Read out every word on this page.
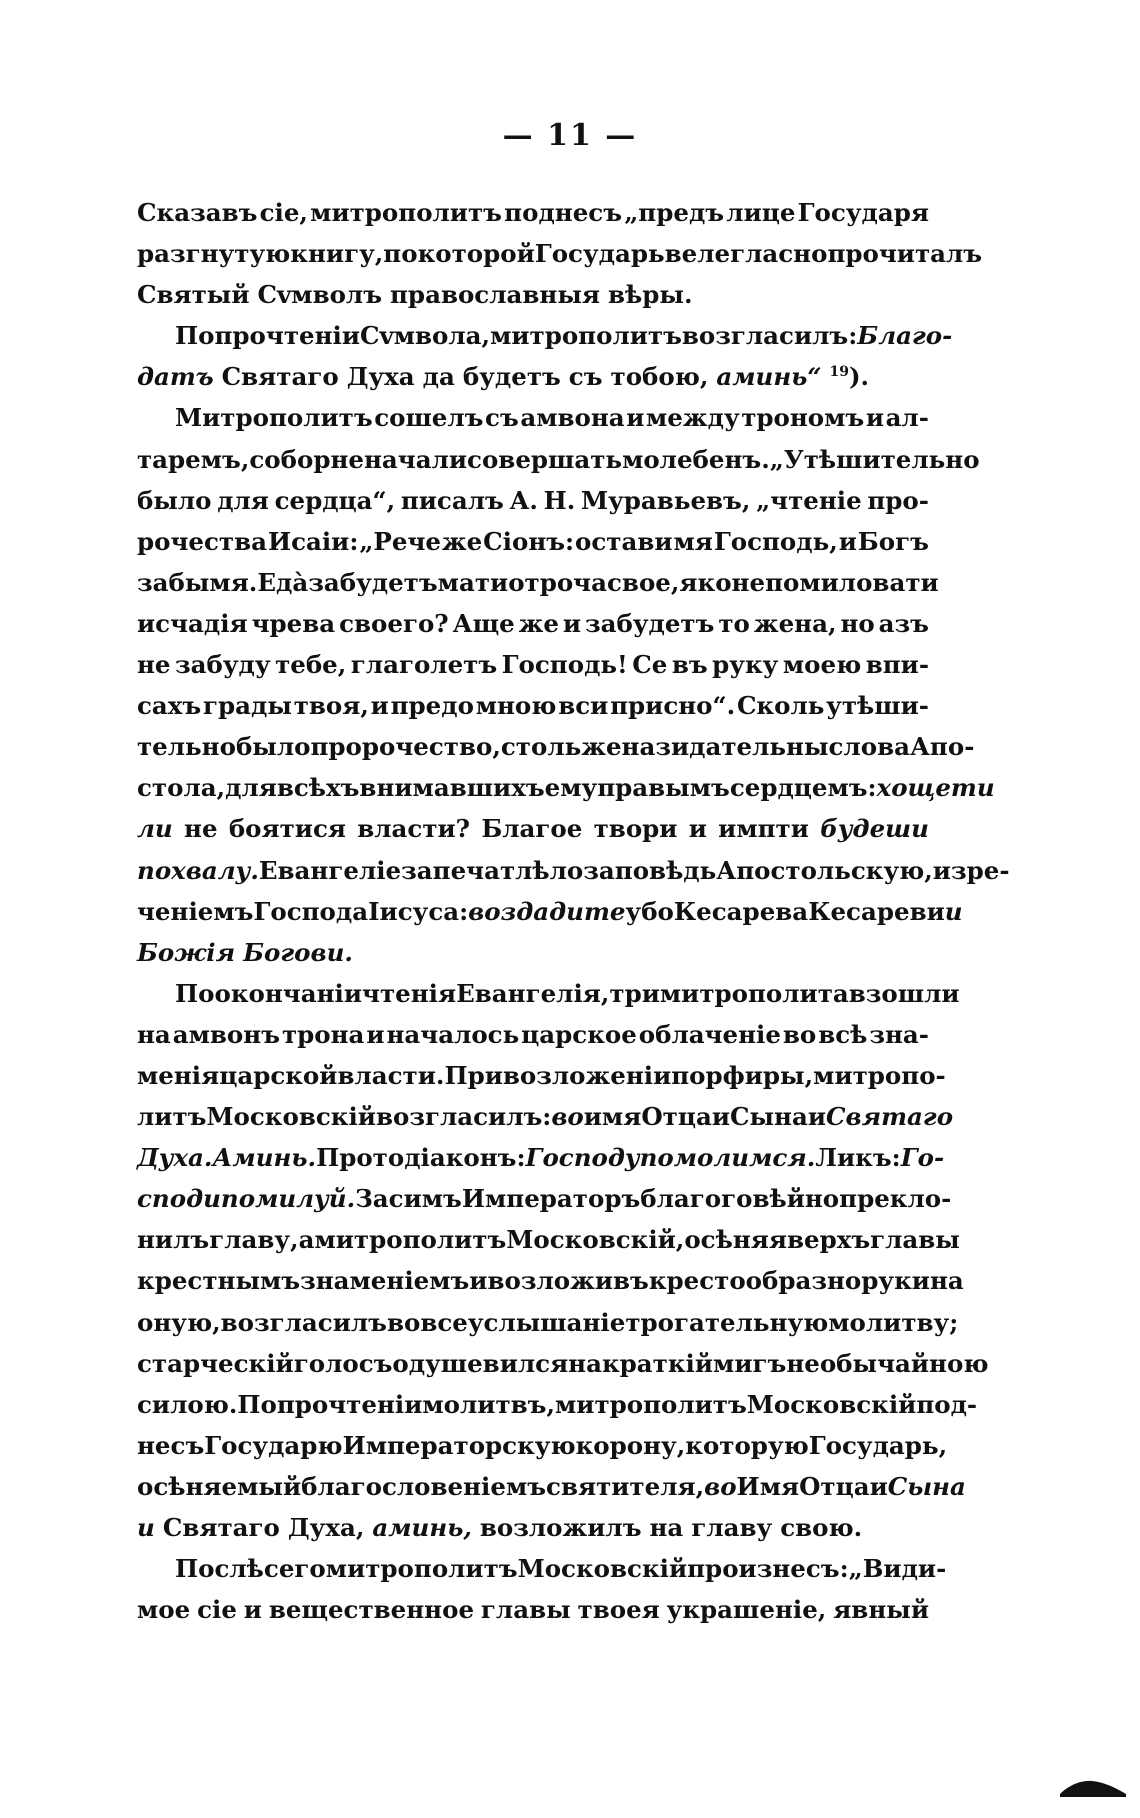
— 11 —
Сказавъ сіе, митрополитъ поднесъ „предъ лице Государя
разгнутую книгу, по которой Государь велегласно прочиталъ
Святый Сvмволъ православныя вѣры.
По прочтеніи Сvмвола, митрополитъ возгласилъ: Благо-
датъ Святаго Духа да будетъ съ тобою, аминь“ $^{19}$).
Митрополитъ сошелъ съ амвона и между трономъ и ал-
таремъ, соборне начали совершать молебенъ. „Утѣшительно
было для сердца“, писалъ А. Н. Муравьевъ, „чтеніе про-
рочества Исаіи: „Рече же Сіонъ: остави мя Господь, и Богъ
забы мя. Едà забудетъ мати отроча свое, яко не помиловати
исчадія чрева своего? Аще же и забудетъ то жена, но азъ
не забуду тебе, глаголетъ Господь! Се въ руку моею впи-
сахъ грады твоя, и предо мною вси присно“. Сколь утѣши-
тельно было пророчество, столь же назидательны слова Апо-
стола, для всѣхъ внимавшихъ ему правымъ сердцемъ: хощети
ли не боятися власти? Благое твори и импти будеши
похвалу. Евангеліе запечатлѣло заповѣдь Апостольскую, изре-
ченіемъ Господа Іисуса: воздадите убо Кесарева Кесареви и
Божія Богови.
По окончаніи чтенія Евангелія, три митрополита взошли
на амвонъ трона и началось царское облаченіе во всѣ зна-
менія царской власти. При возложеніи порфиры, митропо-
литъ Московскій возгласилъ: во имя Отца и Сына и Святаго
Духа. Аминь. Протодіаконъ: Господу помолимся. Ликъ: Го-
споди помилуй. За симъ Императоръ благоговѣйно прекло-
нилъ главу, а митрополитъ Московскій, осѣняя верхъ главы
крестнымъ знаменіемъ и возложивъ крестообразно руки на
оную, возгласилъ во всеуслышаніе трогательную молитву;
старческій голосъ одушевился на краткій мигъ необычайною
силою. По прочтеніи молитвъ, митрополитъ Московскій под-
несъ Государю Императорскую корону, которую Государь,
осѣняемый благословеніемъ святителя, во Имя Отца и Сына
и Святаго Духа, аминь, возложилъ на главу свою.
Послѣ сего митрополитъ Московскій произнесъ: „Види-
мое сіе и вещественное главы твоея украшеніе, явный
